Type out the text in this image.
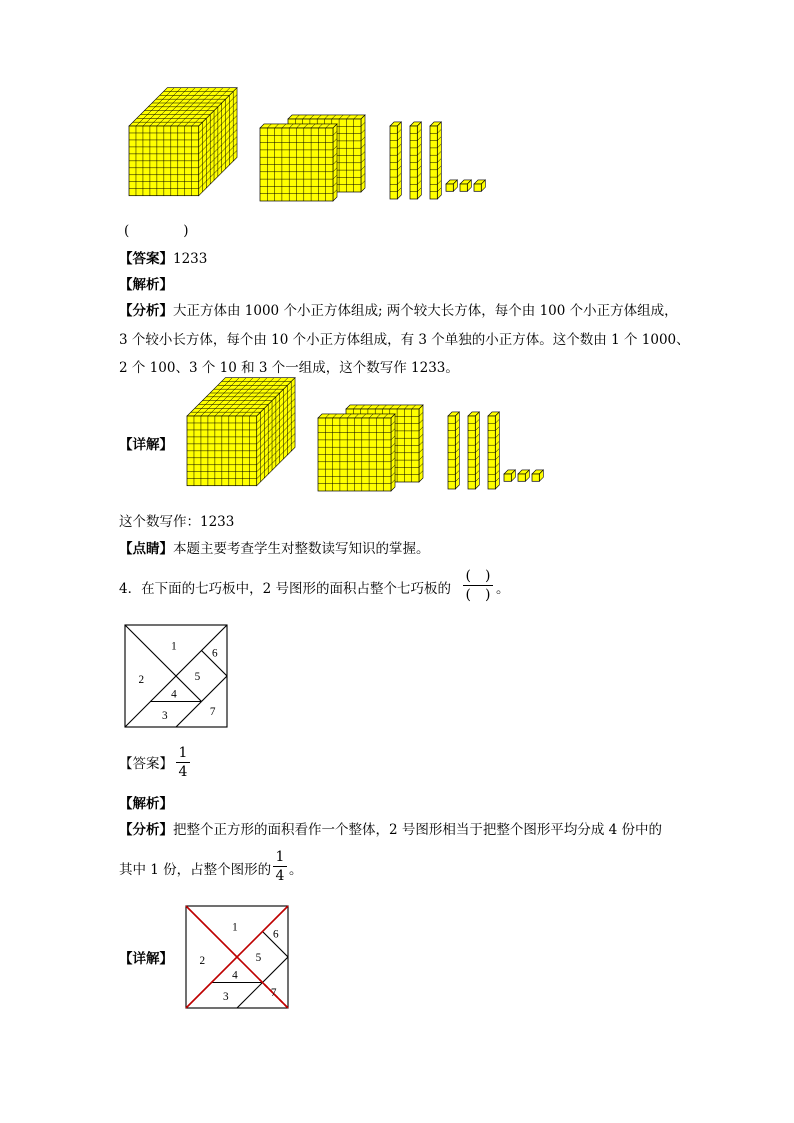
(　　　　)
【答案】1233
【解析】
【分析】大正方体由 1000 个小正方体组成; 两个较大长方体，每个由 100 个小正方体组成，
3 个较小长方体，每个由 10 个小正方体组成，有 3 个单独的小正方体。这个数由 1 个 1000、
2 个 100、3 个 10 和 3 个一组成，这个数写作 1233。
【详解】
这个数写作：1233
【点睛】本题主要考查学生对整数读写知识的掌握。
4．在下面的七巧板中，2 号图形的面积占整个七巧板的
(　)
(　) 。
1
2
3
4
5
6
7
【答案】
1
4
【解析】
【分析】把整个正方形的面积看作一个整体，2 号图形相当于把整个图形平均分成 4 份中的
其中 1 份，占整个图形的
1
4 。
【详解】
1
2
3
4
5
6
7
